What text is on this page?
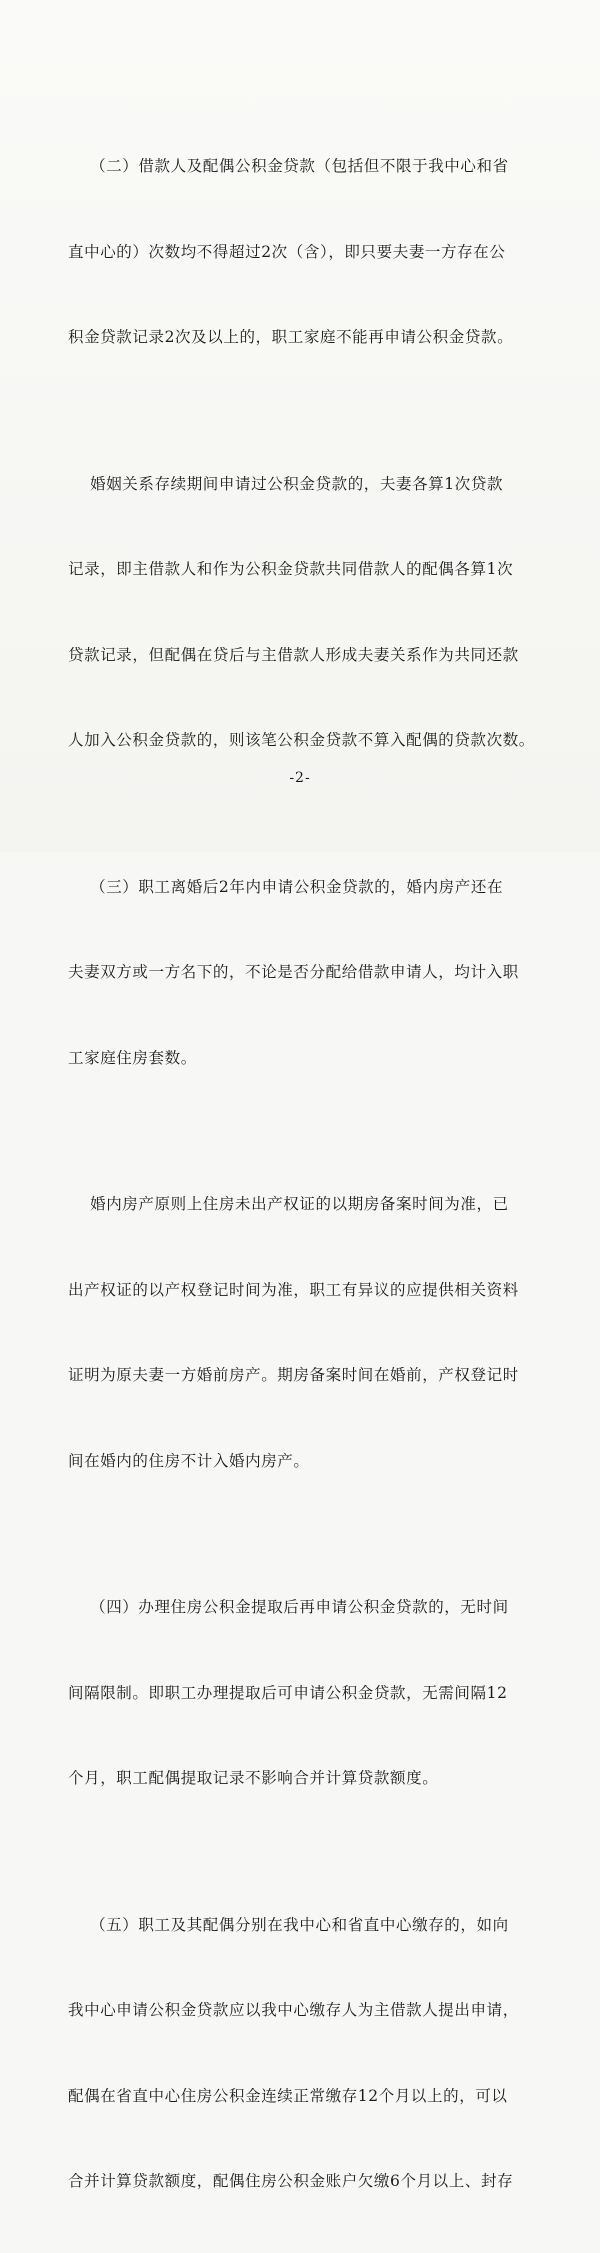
（二）借款人及配偶公积金贷款（包括但不限于我中心和省

直中心的）次数均不得超过2次（含），即只要夫妻一方存在公

积金贷款记录2次及以上的，职工家庭不能再申请公积金贷款。

婚姻关系存续期间申请过公积金贷款的，夫妻各算1次贷款

记录，即主借款人和作为公积金贷款共同借款人的配偶各算1次

贷款记录，但配偶在贷后与主借款人形成夫妻关系作为共同还款

人加入公积金贷款的，则该笔公积金贷款不算入配偶的贷款次数。

（三）职工离婚后2年内申请公积金贷款的，婚内房产还在

夫妻双方或一方名下的，不论是否分配给借款申请人，均计入职

工家庭住房套数。

婚内房产原则上住房未出产权证的以期房备案时间为准，已

出产权证的以产权登记时间为准，职工有异议的应提供相关资料

证明为原夫妻一方婚前房产。期房备案时间在婚前，产权登记时

间在婚内的住房不计入婚内房产。

（四）办理住房公积金提取后再申请公积金贷款的，无时间

间隔限制。即职工办理提取后可申请公积金贷款，无需间隔12

个月，职工配偶提取记录不影响合并计算贷款额度。

（五）职工及其配偶分别在我中心和省直中心缴存的，如向

我中心申请公积金贷款应以我中心缴存人为主借款人提出申请，

配偶在省直中心住房公积金连续正常缴存12个月以上的，可以

合并计算贷款额度，配偶住房公积金账户欠缴6个月以上、封存

-2-
